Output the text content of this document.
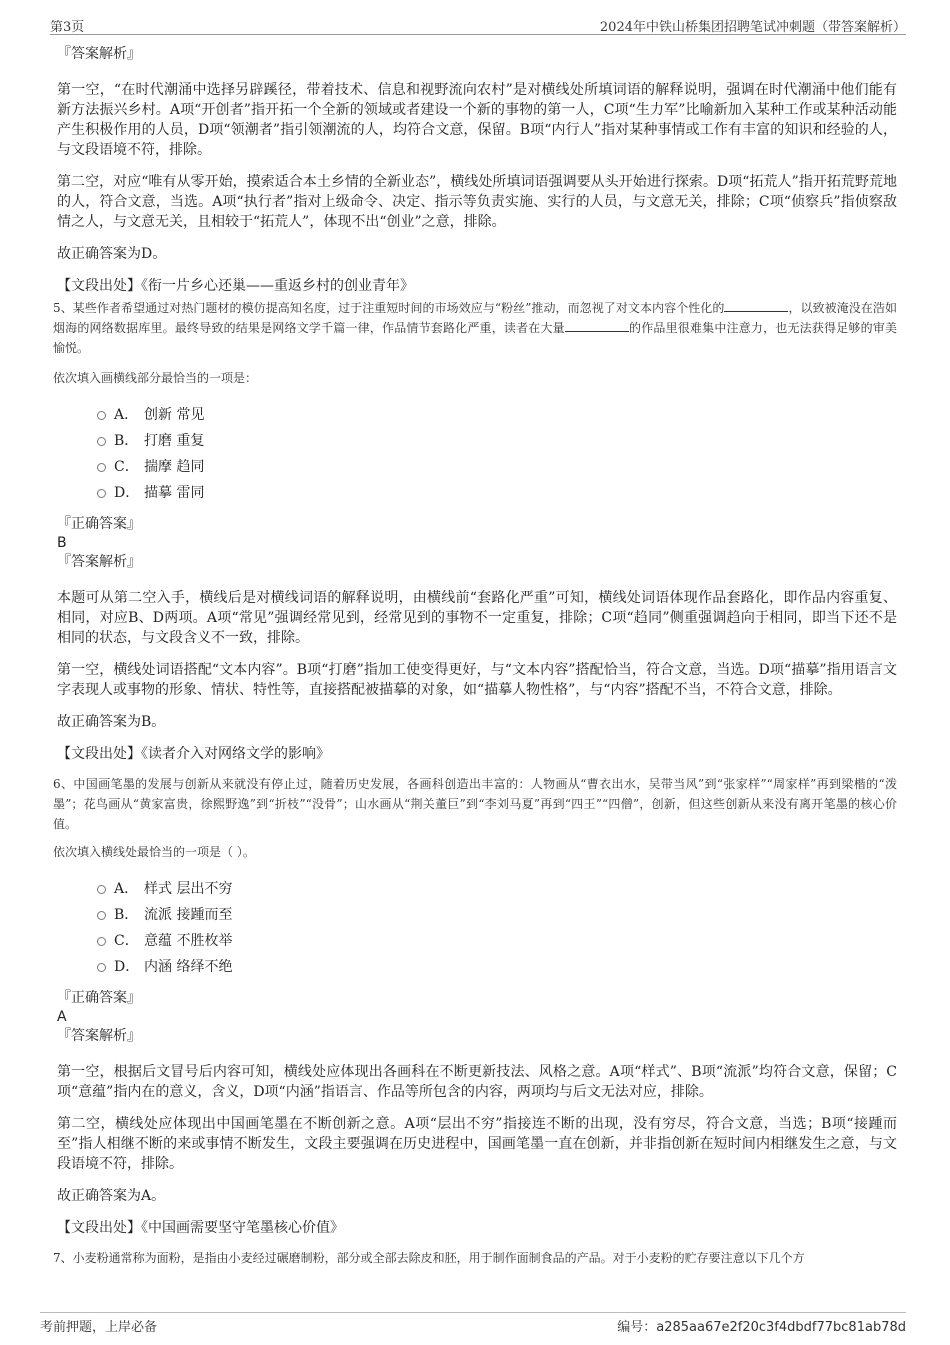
第3页	2024年中铁山桥集团招聘笔试冲刺题（带答案解析）

『答案解析』

第一空，“在时代潮涌中选择另辟蹊径，带着技术、信息和视野流向农村”是对横线处所填词语的解释说明，强调在时代潮涌中他们能有新方法振兴乡村。A项“开创者”指开拓一个全新的领域或者建设一个新的事物的第一人，C项“生力军”比喻新加入某种工作或某种活动能产生积极作用的人员，D项“领潮者”指引领潮流的人，均符合文意，保留。B项“内行人”指对某种事情或工作有丰富的知识和经验的人，与文段语境不符，排除。

第二空，对应“唯有从零开始，摸索适合本土乡情的全新业态”，横线处所填词语强调要从头开始进行探索。D项“拓荒人”指开拓荒野荒地的人，符合文意，当选。A项“执行者”指对上级命令、决定、指示等负责实施、实行的人员，与文意无关，排除；C项“侦察兵”指侦察敌情之人，与文意无关，且相较于“拓荒人”，体现不出“创业”之意，排除。

故正确答案为D。

【文段出处】《衔一片乡心还巢——重返乡村的创业青年》

5、某些作者希望通过对热门题材的模仿提高知名度，过于注重短时间的市场效应与“粉丝”推动，而忽视了对文本内容个性化的	，以致被淹没在浩如烟海的网络数据库里。最终导致的结果是网络文学千篇一律，作品情节套路化严重，读者在大量	的作品里很难集中注意力，也无法获得足够的审美愉悦。

依次填入画横线部分最恰当的一项是：

A． 创新 常见
B． 打磨 重复
C． 揣摩 趋同
D． 描摹 雷同

『正确答案』

B

『答案解析』

本题可从第二空入手，横线后是对横线词语的解释说明，由横线前“套路化严重”可知，横线处词语体现作品套路化，即作品内容重复、相同，对应B、D两项。A项“常见”强调经常见到，经常见到的事物不一定重复，排除；C项“趋同”侧重强调趋向于相同，即当下还不是相同的状态，与文段含义不一致，排除。

第一空，横线处词语搭配“文本内容”。B项“打磨”指加工使变得更好，与“文本内容”搭配恰当，符合文意，当选。D项“描摹”指用语言文字表现人或事物的形象、情状、特性等，直接搭配被描摹的对象，如“描摹人物性格”，与“内容”搭配不当，不符合文意，排除。

故正确答案为B。

【文段出处】《读者介入对网络文学的影响》

6、中国画笔墨的发展与创新从来就没有停止过，随着历史发展，各画科创造出丰富的：人物画从“曹衣出水，吴带当风”到“张家样”“周家样”再到梁楷的“泼墨”；花鸟画从“黄家富贵，徐熙野逸”到“折枝”“没骨”；山水画从“荆关董巨”到“李刘马夏”再到“四王”“四僧”，创新，但这些创新从来没有离开笔墨的核心价值。

依次填入横线处最恰当的一项是（ ）。

A． 样式 层出不穷
B． 流派 接踵而至
C． 意蕴 不胜枚举
D． 内涵 络绎不绝

『正确答案』

A

『答案解析』

第一空，根据后文冒号后内容可知，横线处应体现出各画科在不断更新技法、风格之意。A项“样式”、B项“流派”均符合文意，保留；C项“意蕴”指内在的意义，含义，D项“内涵”指语言、作品等所包含的内容，两项均与后文无法对应，排除。

第二空，横线处应体现出中国画笔墨在不断创新之意。A项“层出不穷”指接连不断的出现，没有穷尽，符合文意，当选；B项“接踵而至”指人相继不断的来或事情不断发生，文段主要强调在历史进程中，国画笔墨一直在创新，并非指创新在短时间内相继发生之意，与文段语境不符，排除。

故正确答案为A。

【文段出处】《中国画需要坚守笔墨核心价值》

7、小麦粉通常称为面粉，是指由小麦经过碾磨制粉，部分或全部去除皮和胚，用于制作面制食品的产品。对于小麦粉的贮存要注意以下几个方

考前押题，上岸必备	编号：a285aa67e2f20c3f4dbdf77bc81ab78d
